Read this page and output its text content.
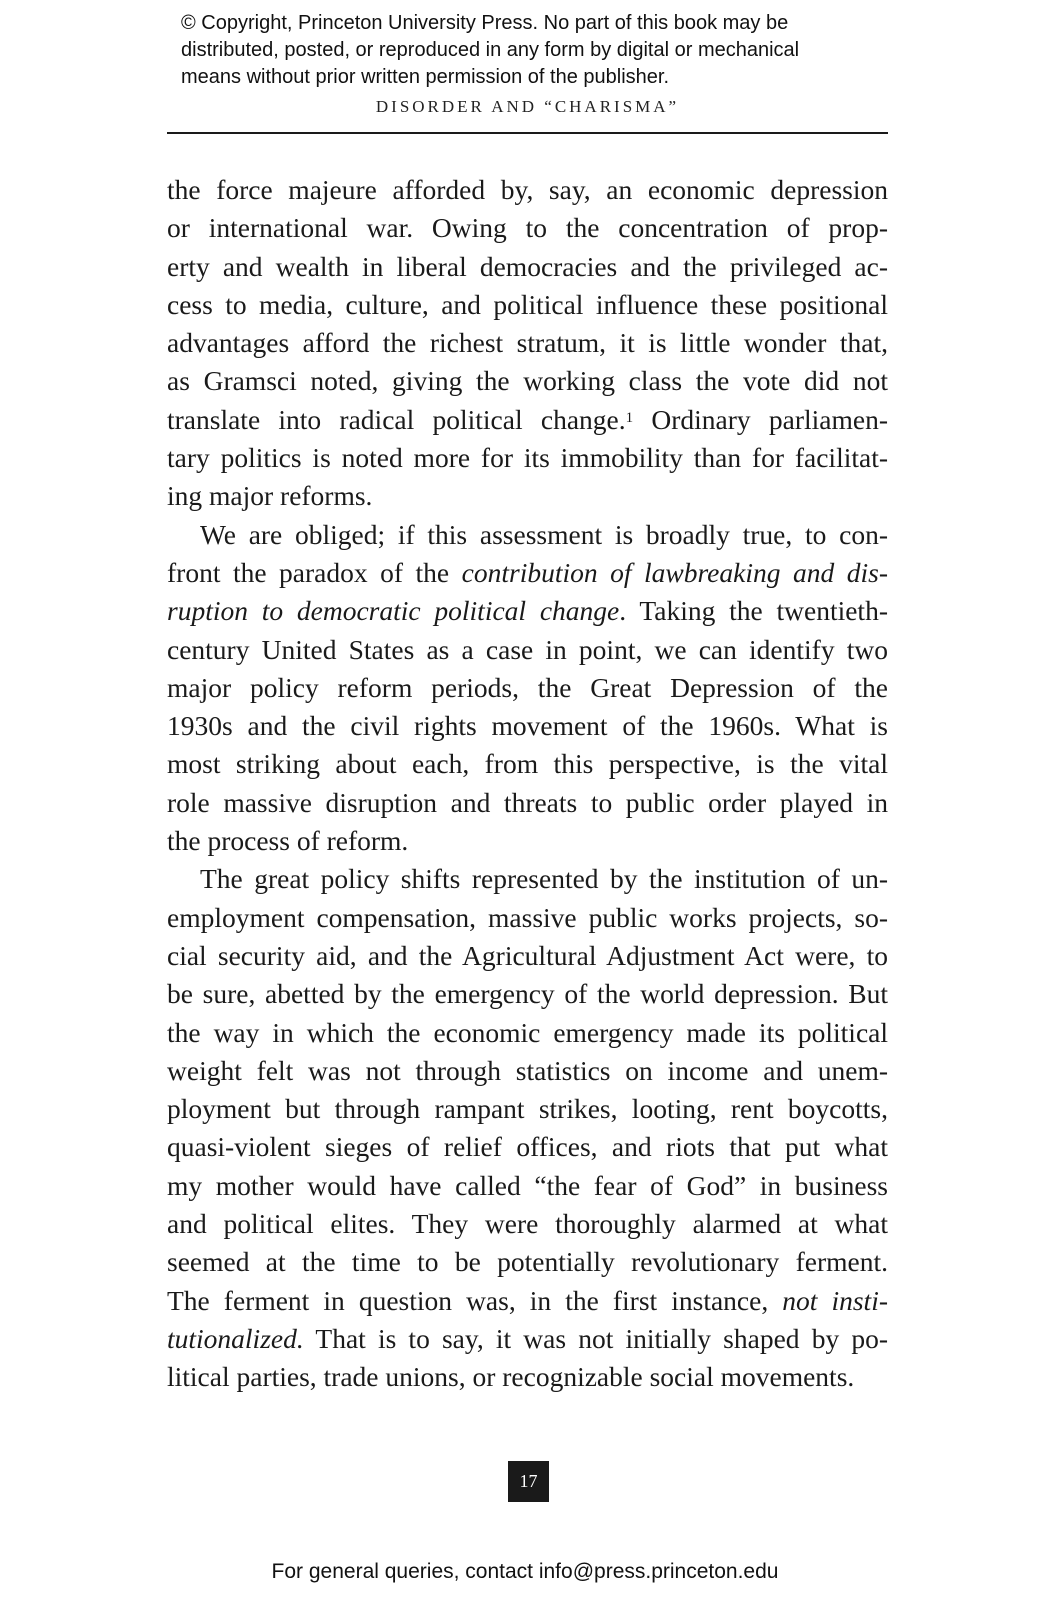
© Copyright, Princeton University Press. No part of this book may be
distributed, posted, or reproduced in any form by digital or mechanical
means without prior written permission of the publisher.
DISORDER AND “CHARISMA”
the force majeure afforded by, say, an economic depression
or international war. Owing to the concentration of prop-
erty and wealth in liberal democracies and the privileged ac-
cess to media, culture, and political influence these positional
advantages afford the richest stratum, it is little wonder that,
as Gramsci noted, giving the working class the vote did not
translate into radical political change.$^1$ Ordinary parliamen-
tary politics is noted more for its immobility than for facilitat-
ing major reforms.
We are obliged; if this assessment is broadly true, to con-
front the paradox of the contribution of lawbreaking and dis-
ruption to democratic political change. Taking the twentieth-
century United States as a case in point, we can identify two
major policy reform periods, the Great Depression of the
1930s and the civil rights movement of the 1960s. What is
most striking about each, from this perspective, is the vital
role massive disruption and threats to public order played in
the process of reform.
The great policy shifts represented by the institution of un-
employment compensation, massive public works projects, so-
cial security aid, and the Agricultural Adjustment Act were, to
be sure, abetted by the emergency of the world depression. But
the way in which the economic emergency made its political
weight felt was not through statistics on income and unem-
ployment but through rampant strikes, looting, rent boycotts,
quasi-violent sieges of relief offices, and riots that put what
my mother would have called “the fear of God” in business
and political elites. They were thoroughly alarmed at what
seemed at the time to be potentially revolutionary ferment.
The ferment in question was, in the first instance, not insti-
tutionalized. That is to say, it was not initially shaped by po-
litical parties, trade unions, or recognizable social movements.
17
For general queries, contact info@press.princeton.edu
